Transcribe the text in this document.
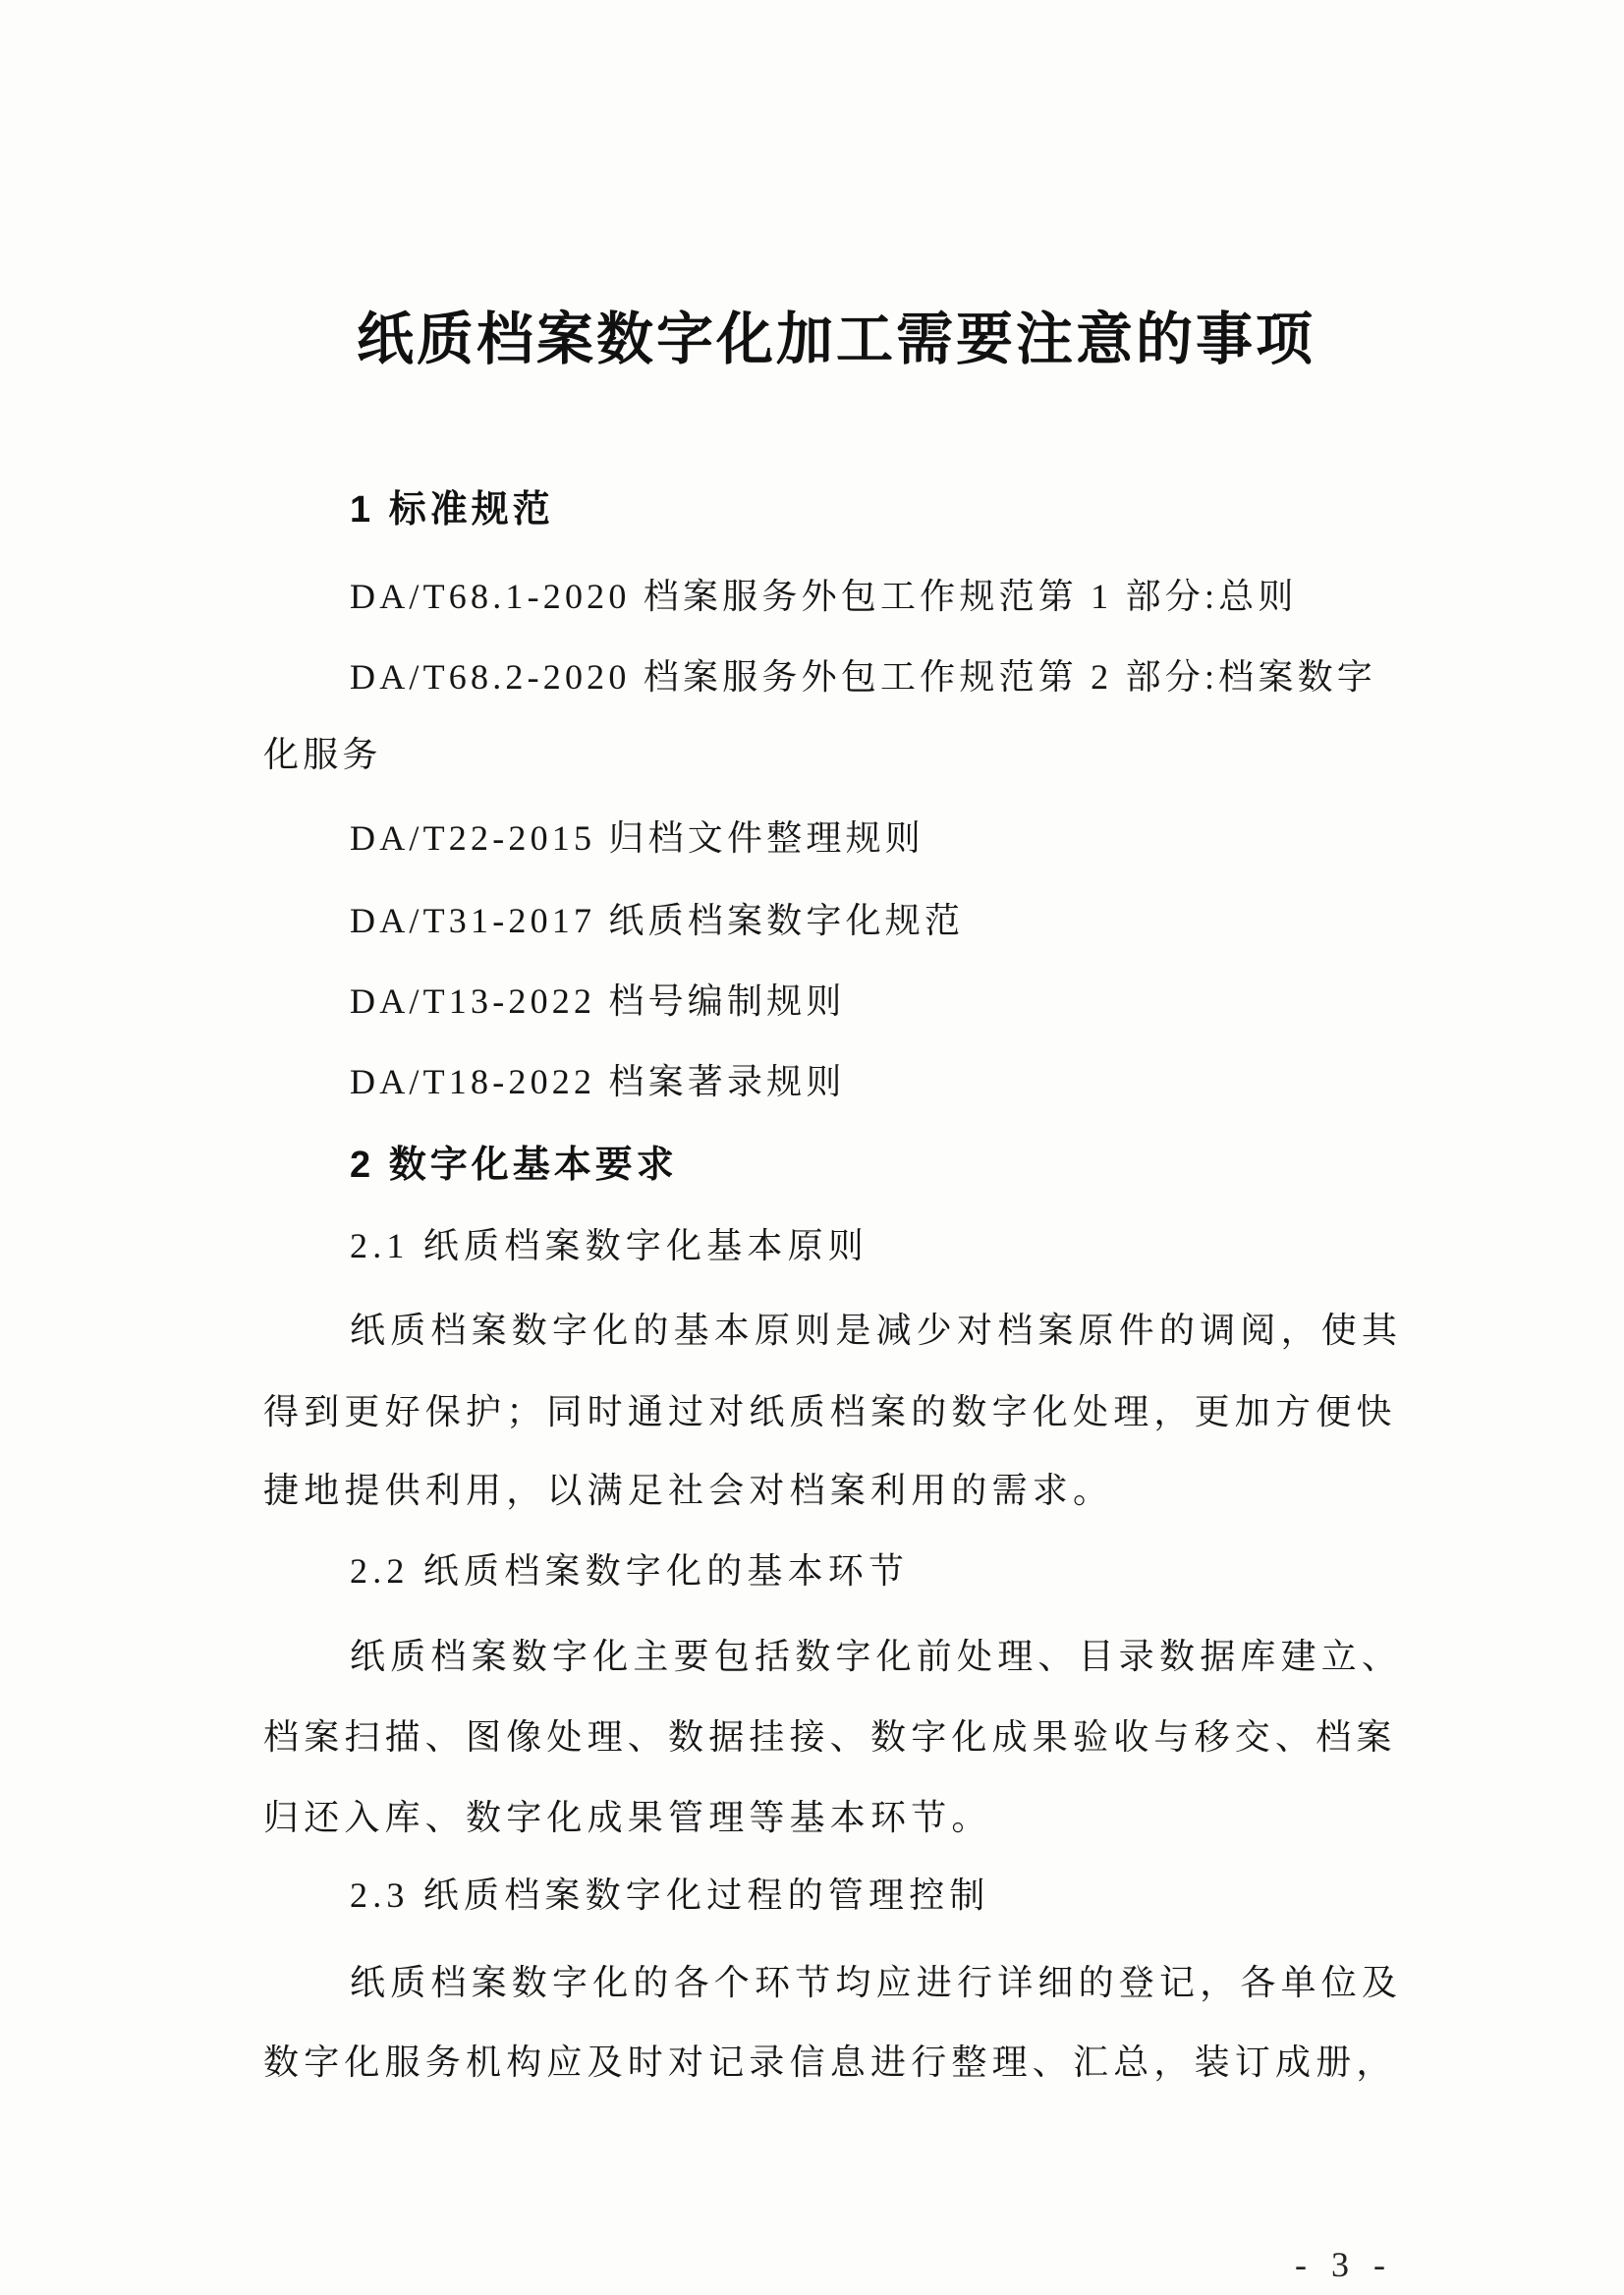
纸质档案数字化加工需要注意的事项
1 标准规范
DA/T68.1-2020 档案服务外包工作规范第 1 部分:总则
DA/T68.2-2020 档案服务外包工作规范第 2 部分:档案数字
化服务
DA/T22-2015 归档文件整理规则
DA/T31-2017 纸质档案数字化规范
DA/T13-2022 档号编制规则
DA/T18-2022 档案著录规则
2 数字化基本要求
2.1 纸质档案数字化基本原则
纸质档案数字化的基本原则是减少对档案原件的调阅，使其
得到更好保护；同时通过对纸质档案的数字化处理，更加方便快
捷地提供利用，以满足社会对档案利用的需求。
2.2 纸质档案数字化的基本环节
纸质档案数字化主要包括数字化前处理、目录数据库建立、
档案扫描、图像处理、数据挂接、数字化成果验收与移交、档案
归还入库、数字化成果管理等基本环节。
2.3 纸质档案数字化过程的管理控制
纸质档案数字化的各个环节均应进行详细的登记，各单位及
数字化服务机构应及时对记录信息进行整理、汇总，装订成册，
- 3 -
